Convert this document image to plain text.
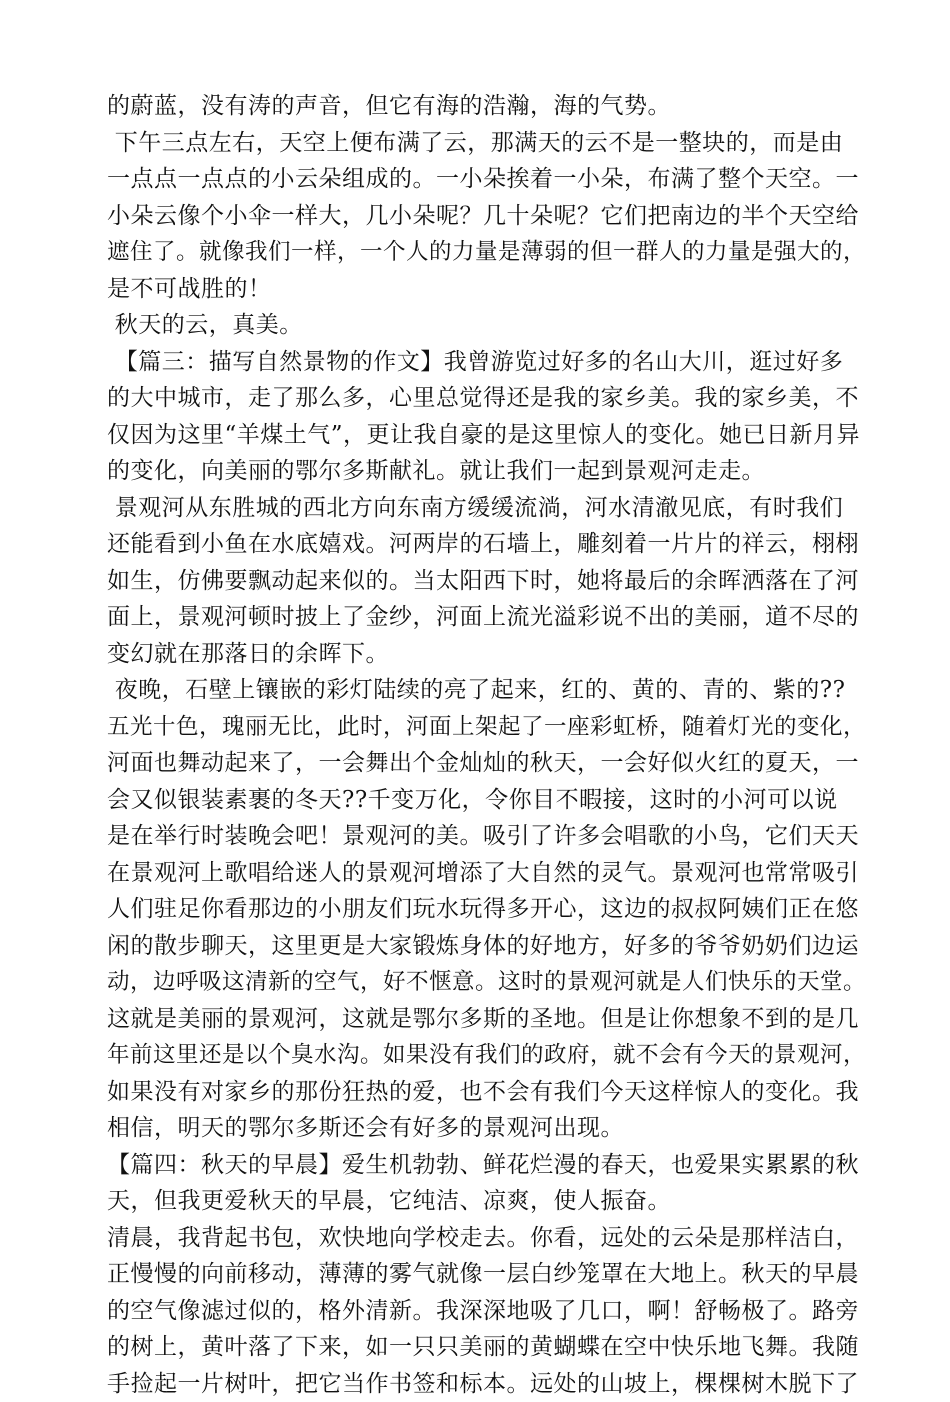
的蔚蓝，没有涛的声音，但它有海的浩瀚，海的气势。
下午三点左右，天空上便布满了云，那满天的云不是一整块的，而是由
一点点一点点的小云朵组成的。一小朵挨着一小朵，布满了整个天空。一
小朵云像个小伞一样大，几小朵呢？几十朵呢？它们把南边的半个天空给
遮住了。就像我们一样，一个人的力量是薄弱的但一群人的力量是强大的，
是不可战胜的！
秋天的云，真美。
【篇三：描写自然景物的作文】我曾游览过好多的名山大川，逛过好多
的大中城市，走了那么多，心里总觉得还是我的家乡美。我的家乡美，不
仅因为这里“羊煤土气”，更让我自豪的是这里惊人的变化。她已日新月异
的变化，向美丽的鄂尔多斯献礼。就让我们一起到景观河走走。
景观河从东胜城的西北方向东南方缓缓流淌，河水清澈见底，有时我们
还能看到小鱼在水底嬉戏。河两岸的石墙上，雕刻着一片片的祥云，栩栩
如生，仿佛要飘动起来似的。当太阳西下时，她将最后的余晖洒落在了河
面上，景观河顿时披上了金纱，河面上流光溢彩说不出的美丽，道不尽的
变幻就在那落日的余晖下。
夜晚，石壁上镶嵌的彩灯陆续的亮了起来，红的、黄的、青的、紫的??
五光十色，瑰丽无比，此时，河面上架起了一座彩虹桥，随着灯光的变化，
河面也舞动起来了，一会舞出个金灿灿的秋天，一会好似火红的夏天，一
会又似银装素裹的冬天??千变万化，令你目不暇接，这时的小河可以说
是在举行时装晚会吧！景观河的美。吸引了许多会唱歌的小鸟，它们天天
在景观河上歌唱给迷人的景观河增添了大自然的灵气。景观河也常常吸引
人们驻足你看那边的小朋友们玩水玩得多开心，这边的叔叔阿姨们正在悠
闲的散步聊天，这里更是大家锻炼身体的好地方，好多的爷爷奶奶们边运
动，边呼吸这清新的空气，好不惬意。这时的景观河就是人们快乐的天堂。
这就是美丽的景观河，这就是鄂尔多斯的圣地。但是让你想象不到的是几
年前这里还是以个臭水沟。如果没有我们的政府，就不会有今天的景观河，
如果没有对家乡的那份狂热的爱，也不会有我们今天这样惊人的变化。我
相信，明天的鄂尔多斯还会有好多的景观河出现。
【篇四：秋天的早晨】爱生机勃勃、鲜花烂漫的春天，也爱果实累累的秋
天，但我更爱秋天的早晨，它纯洁、凉爽，使人振奋。
清晨，我背起书包，欢快地向学校走去。你看，远处的云朵是那样洁白，
正慢慢的向前移动，薄薄的雾气就像一层白纱笼罩在大地上。秋天的早晨
的空气像滤过似的，格外清新。我深深地吸了几口，啊！舒畅极了。路旁
的树上，黄叶落了下来，如一只只美丽的黄蝴蝶在空中快乐地飞舞。我随
手捡起一片树叶，把它当作书签和标本。远处的山坡上，棵棵树木脱下了
